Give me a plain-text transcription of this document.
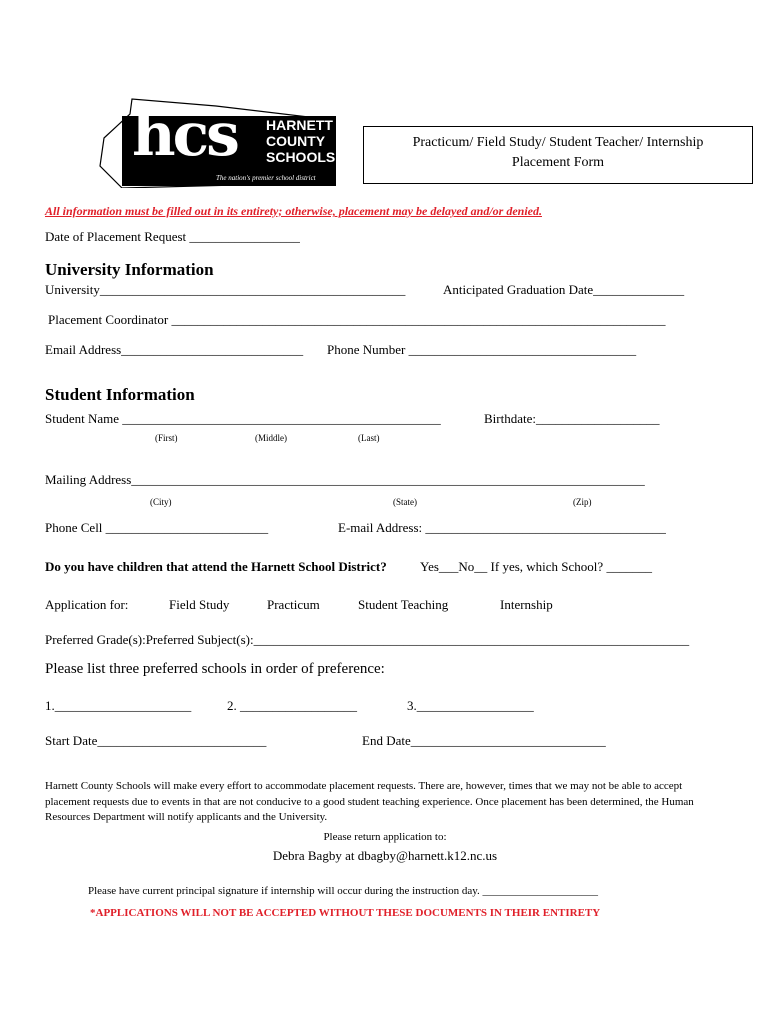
hcs HARNETT
COUNTY
SCHOOLS
The nation's premier school district
Practicum/ Field Study/ Student Teacher/ Internship
Placement Form
All information must be filled out in its entirety; otherwise, placement may be delayed and/or denied.
Date of Placement Request _________________
University Information
University_______________________________________________	Anticipated Graduation Date______________
Placement Coordinator ____________________________________________________________________________
Email Address____________________________ Phone Number ___________________________________
Student Information
Student Name _________________________________________________	Birthdate:___________________
(First)	(Middle)	(Last)
Mailing Address_______________________________________________________________________________
(City)	(State)	(Zip)
Phone Cell _________________________	E-mail Address: _____________________________________
Do you have children that attend the Harnett School District?	Yes___No__ If yes, which School? _______
Application for:	Field Study	Practicum	Student Teaching	Internship
Preferred Grade(s):Preferred Subject(s):___________________________________________________________________
Please list three preferred schools in order of preference:
1._____________________	2. __________________	3.__________________
Start Date__________________________	End Date______________________________
Harnett County Schools will make every effort to accommodate placement requests. There are, however, times that we may not be able to accept placement requests due to events in that are not conducive to a good student teaching experience. Once placement has been determined, the Human Resources Department will notify applicants and the University.
Please return application to:
Debra Bagby at dbagby@harnett.k12.nc.us
Please have current principal signature if internship will occur during the instruction day. _____________________
*APPLICATIONS WILL NOT BE ACCEPTED WITHOUT THESE DOCUMENTS IN THEIR ENTIRETY
